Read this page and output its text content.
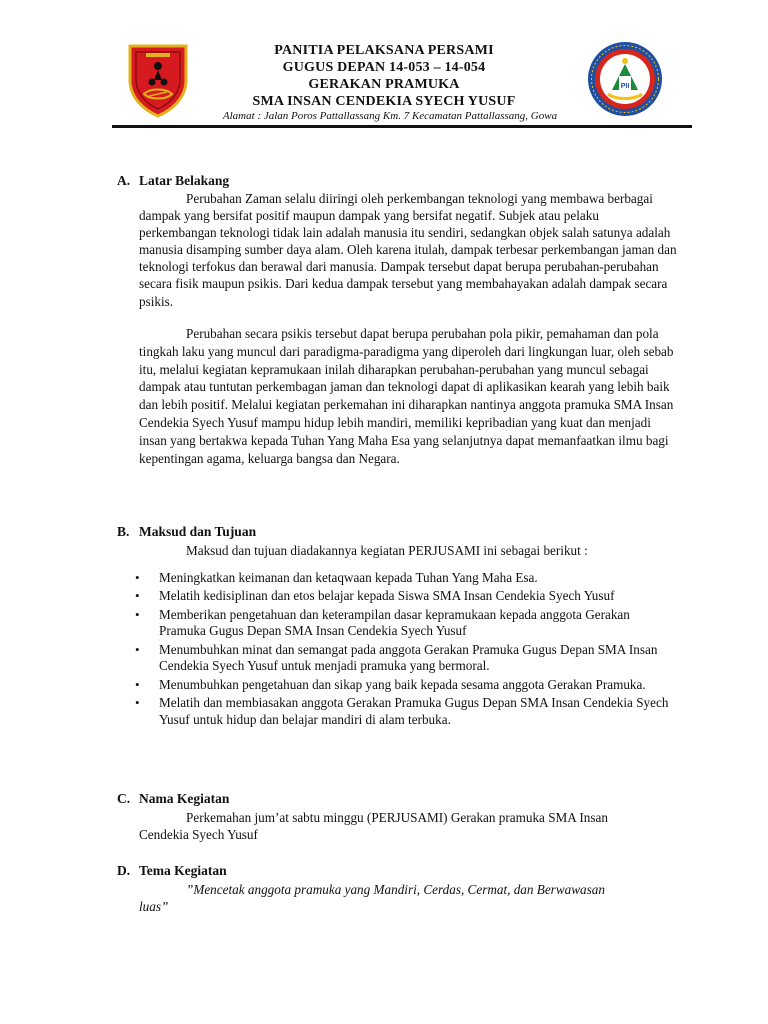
PANITIA PELAKSANA PERSAMI
GUGUS DEPAN 14-053 – 14-054
GERAKAN PRAMUKA
SMA INSAN CENDEKIA SYECH YUSUF
PII
Alamat : Jalan Poros Pattallassang Km. 7 Kecamatan Pattallassang, Gowa
A. Latar Belakang
Perubahan Zaman selalu diiringi oleh perkembangan teknologi yang membawa berbagai dampak yang bersifat positif maupun dampak yang bersifat negatif. Subjek atau pelaku perkembangan teknologi tidak lain adalah manusia itu sendiri, sedangkan objek salah satunya adalah manusia disamping sumber daya alam. Oleh karena itulah, dampak terbesar perkembangan jaman dan teknologi terfokus dan berawal dari manusia. Dampak tersebut dapat berupa perubahan-perubahan secara fisik maupun psikis. Dari kedua dampak tersebut yang membahayakan adalah dampak secara psikis.
Perubahan secara psikis tersebut dapat berupa perubahan pola pikir, pemahaman dan pola tingkah laku yang muncul dari paradigma-paradigma yang diperoleh dari lingkungan luar, oleh sebab itu, melalui kegiatan kepramukaan inilah diharapkan perubahan-perubahan yang muncul sebagai dampak atau tuntutan perkembagan jaman dan teknologi dapat di aplikasikan kearah yang lebih baik dan lebih positif. Melalui kegiatan perkemahan ini diharapkan nantinya anggota pramuka SMA Insan Cendekia Syech Yusuf mampu hidup lebih mandiri, memiliki kepribadian yang kuat dan menjadi insan yang bertakwa kepada Tuhan Yang Maha Esa yang selanjutnya dapat memanfaatkan ilmu bagi kepentingan agama, keluarga bangsa dan Negara.
B. Maksud dan Tujuan
Maksud dan tujuan diadakannya kegiatan PERJUSAMI ini sebagai berikut :
• Meningkatkan keimanan dan ketaqwaan kepada Tuhan Yang Maha Esa.
• Melatih kedisiplinan dan etos belajar kepada Siswa SMA Insan Cendekia Syech Yusuf
• Memberikan pengetahuan dan keterampilan dasar kepramukaan kepada anggota Gerakan Pramuka Gugus Depan SMA Insan Cendekia Syech Yusuf
• Menumbuhkan minat dan semangat pada anggota Gerakan Pramuka Gugus Depan SMA Insan Cendekia Syech Yusuf untuk menjadi pramuka yang bermoral.
• Menumbuhkan pengetahuan dan sikap yang baik kepada sesama anggota Gerakan Pramuka.
• Melatih dan membiasakan anggota Gerakan Pramuka Gugus Depan SMA Insan Cendekia Syech Yusuf untuk hidup dan belajar mandiri di alam terbuka.
C. Nama Kegiatan
Perkemahan jum’at sabtu minggu (PERJUSAMI) Gerakan pramuka SMA Insan Cendekia Syech Yusuf
D. Tema Kegiatan
”Mencetak anggota pramuka yang Mandiri, Cerdas, Cermat, dan Berwawasan luas”
